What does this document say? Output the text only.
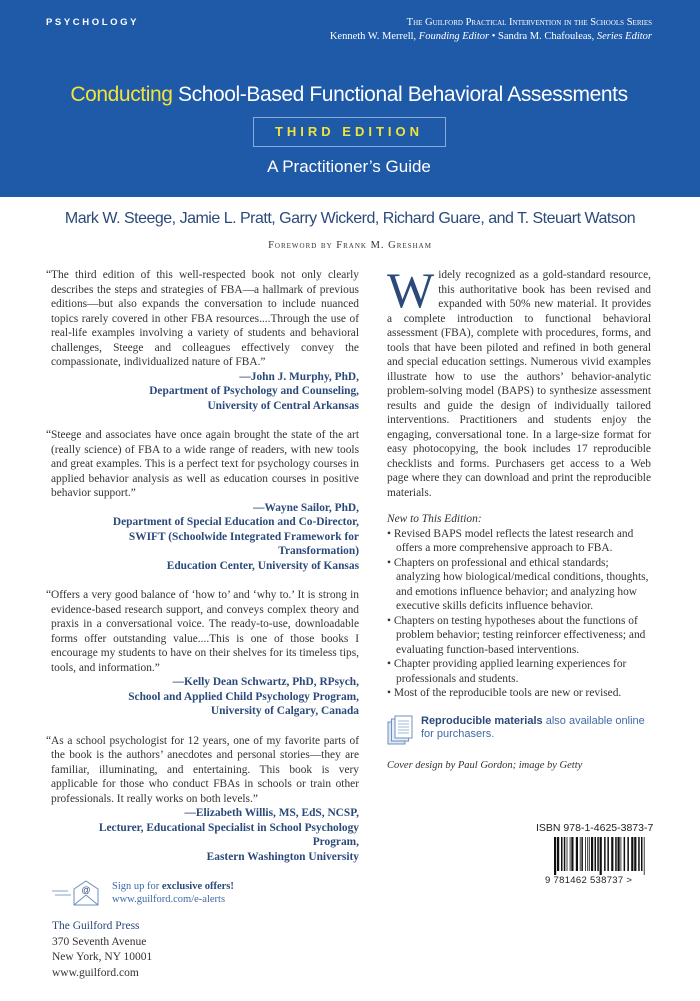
PSYCHOLOGY	The Guilford Practical Intervention in the Schools Series
Kenneth W. Merrell, Founding Editor • Sandra M. Chafouleas, Series Editor
Conducting School-Based Functional Behavioral Assessments
THIRD EDITION
A Practitioner’s Guide
Mark W. Steege, Jamie L. Pratt, Garry Wickerd, Richard Guare, and T. Steuart Watson
Foreword by Frank M. Gresham
“The third edition of this well-respected book not only clearly describes the steps and strategies of FBA—a hallmark of previous editions—but also expands the conversation to include nuanced topics rarely covered in other FBA resources....Through the use of real-life examples involving a variety of students and behavioral challenges, Steege and colleagues effectively convey the compassionate, individualized nature of FBA.”
—John J. Murphy, PhD,
Department of Psychology and Counseling,
University of Central Arkansas
“Steege and associates have once again brought the state of the art (really science) of FBA to a wide range of readers, with new tools and great examples. This is a perfect text for psychology courses in applied behavior analysis as well as education courses in positive behavior support.”
—Wayne Sailor, PhD,
Department of Special Education and Co-Director,
SWIFT (Schoolwide Integrated Framework for Transformation)
Education Center, University of Kansas
“Offers a very good balance of ‘how to’ and ‘why to.’ It is strong in evidence-based research support, and conveys complex theory and praxis in a conversational voice. The ready-to-use, downloadable forms offer outstanding value....This is one of those books I encourage my students to have on their shelves for its timeless tips, tools, and information.”
—Kelly Dean Schwartz, PhD, RPsych,
School and Applied Child Psychology Program,
University of Calgary, Canada
“As a school psychologist for 12 years, one of my favorite parts of the book is the authors’ anecdotes and personal stories—they are familiar, illuminating, and entertaining. This book is very applicable for those who conduct FBAs in schools or train other professionals. It really works on both levels.”
—Elizabeth Willis, MS, EdS, NCSP,
Lecturer, Educational Specialist in School Psychology Program,
Eastern Washington University
@ Sign up for exclusive offers!
www.guilford.com/e-alerts
The Guilford Press
370 Seventh Avenue
New York, NY 10001
www.guilford.com
Widely recognized as a gold-standard resource, this authoritative book has been revised and expanded with 50% new material. It provides a complete introduction to functional behavioral assessment (FBA), complete with procedures, forms, and tools that have been piloted and refined in both general and special education settings. Numerous vivid examples illustrate how to use the authors’ behavior-analytic problem-solving model (BAPS) to synthesize assessment results and guide the design of individually tailored interventions. Practitioners and students enjoy the engaging, conversational tone. In a large-size format for easy photocopying, the book includes 17 reproducible checklists and forms. Purchasers get access to a Web page where they can download and print the reproducible materials.
New to This Edition:
• Revised BAPS model reflects the latest research and offers a more comprehensive approach to FBA.
• Chapters on professional and ethical standards; analyzing how biological/medical conditions, thoughts, and emotions influence behavior; and analyzing how executive skills deficits influence behavior.
• Chapters on testing hypotheses about the functions of problem behavior; testing reinforcer effectiveness; and evaluating function-based interventions.
• Chapter providing applied learning experiences for professionals and students.
• Most of the reproducible tools are new or revised.
Reproducible materials also available online for purchasers.
Cover design by Paul Gordon; image by Getty
ISBN 978-1-4625-3873-7
9 781462 538737 >
